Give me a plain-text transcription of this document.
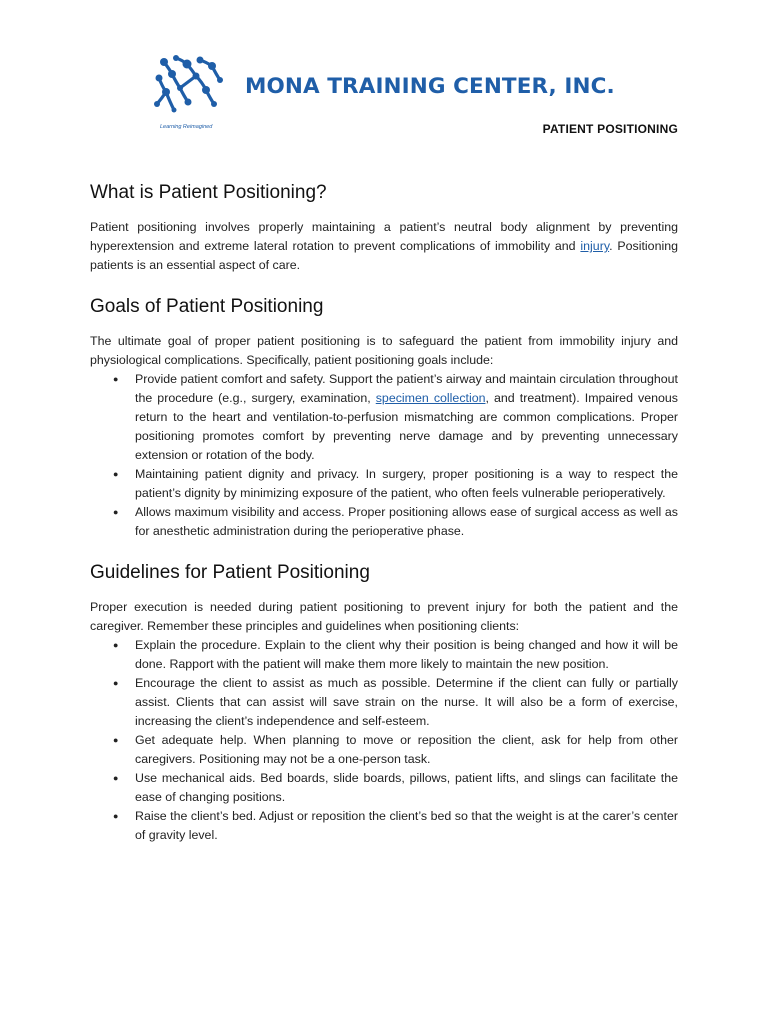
MONA TRAINING CENTER, INC.
Learning Reimagined	PATIENT POSITIONING
What is Patient Positioning?

Patient positioning involves properly maintaining a patient’s neutral body alignment by preventing hyperextension and extreme lateral rotation to prevent complications of immobility and injury. Positioning patients is an essential aspect of care.

Goals of Patient Positioning

The ultimate goal of proper patient positioning is to safeguard the patient from immobility injury and physiological complications. Specifically, patient positioning goals include:

● Provide patient comfort and safety. Support the patient’s airway and maintain circulation throughout the procedure (e.g., surgery, examination, specimen collection, and treatment). Impaired venous return to the heart and ventilation-to-perfusion mismatching are common complications. Proper positioning promotes comfort by preventing nerve damage and by preventing unnecessary extension or rotation of the body.
● Maintaining patient dignity and privacy. In surgery, proper positioning is a way to respect the patient’s dignity by minimizing exposure of the patient, who often feels vulnerable perioperatively.
● Allows maximum visibility and access. Proper positioning allows ease of surgical access as well as for anesthetic administration during the perioperative phase.
Guidelines for Patient Positioning

Proper execution is needed during patient positioning to prevent injury for both the patient and the caregiver. Remember these principles and guidelines when positioning clients:

● Explain the procedure. Explain to the client why their position is being changed and how it will be done. Rapport with the patient will make them more likely to maintain the new position.
● Encourage the client to assist as much as possible. Determine if the client can fully or partially assist. Clients that can assist will save strain on the nurse. It will also be a form of exercise, increasing the client’s independence and self-esteem.
● Get adequate help. When planning to move or reposition the client, ask for help from other caregivers. Positioning may not be a one-person task.
● Use mechanical aids. Bed boards, slide boards, pillows, patient lifts, and slings can facilitate the ease of changing positions.
● Raise the client’s bed. Adjust or reposition the client’s bed so that the weight is at the carer’s center of gravity level.
